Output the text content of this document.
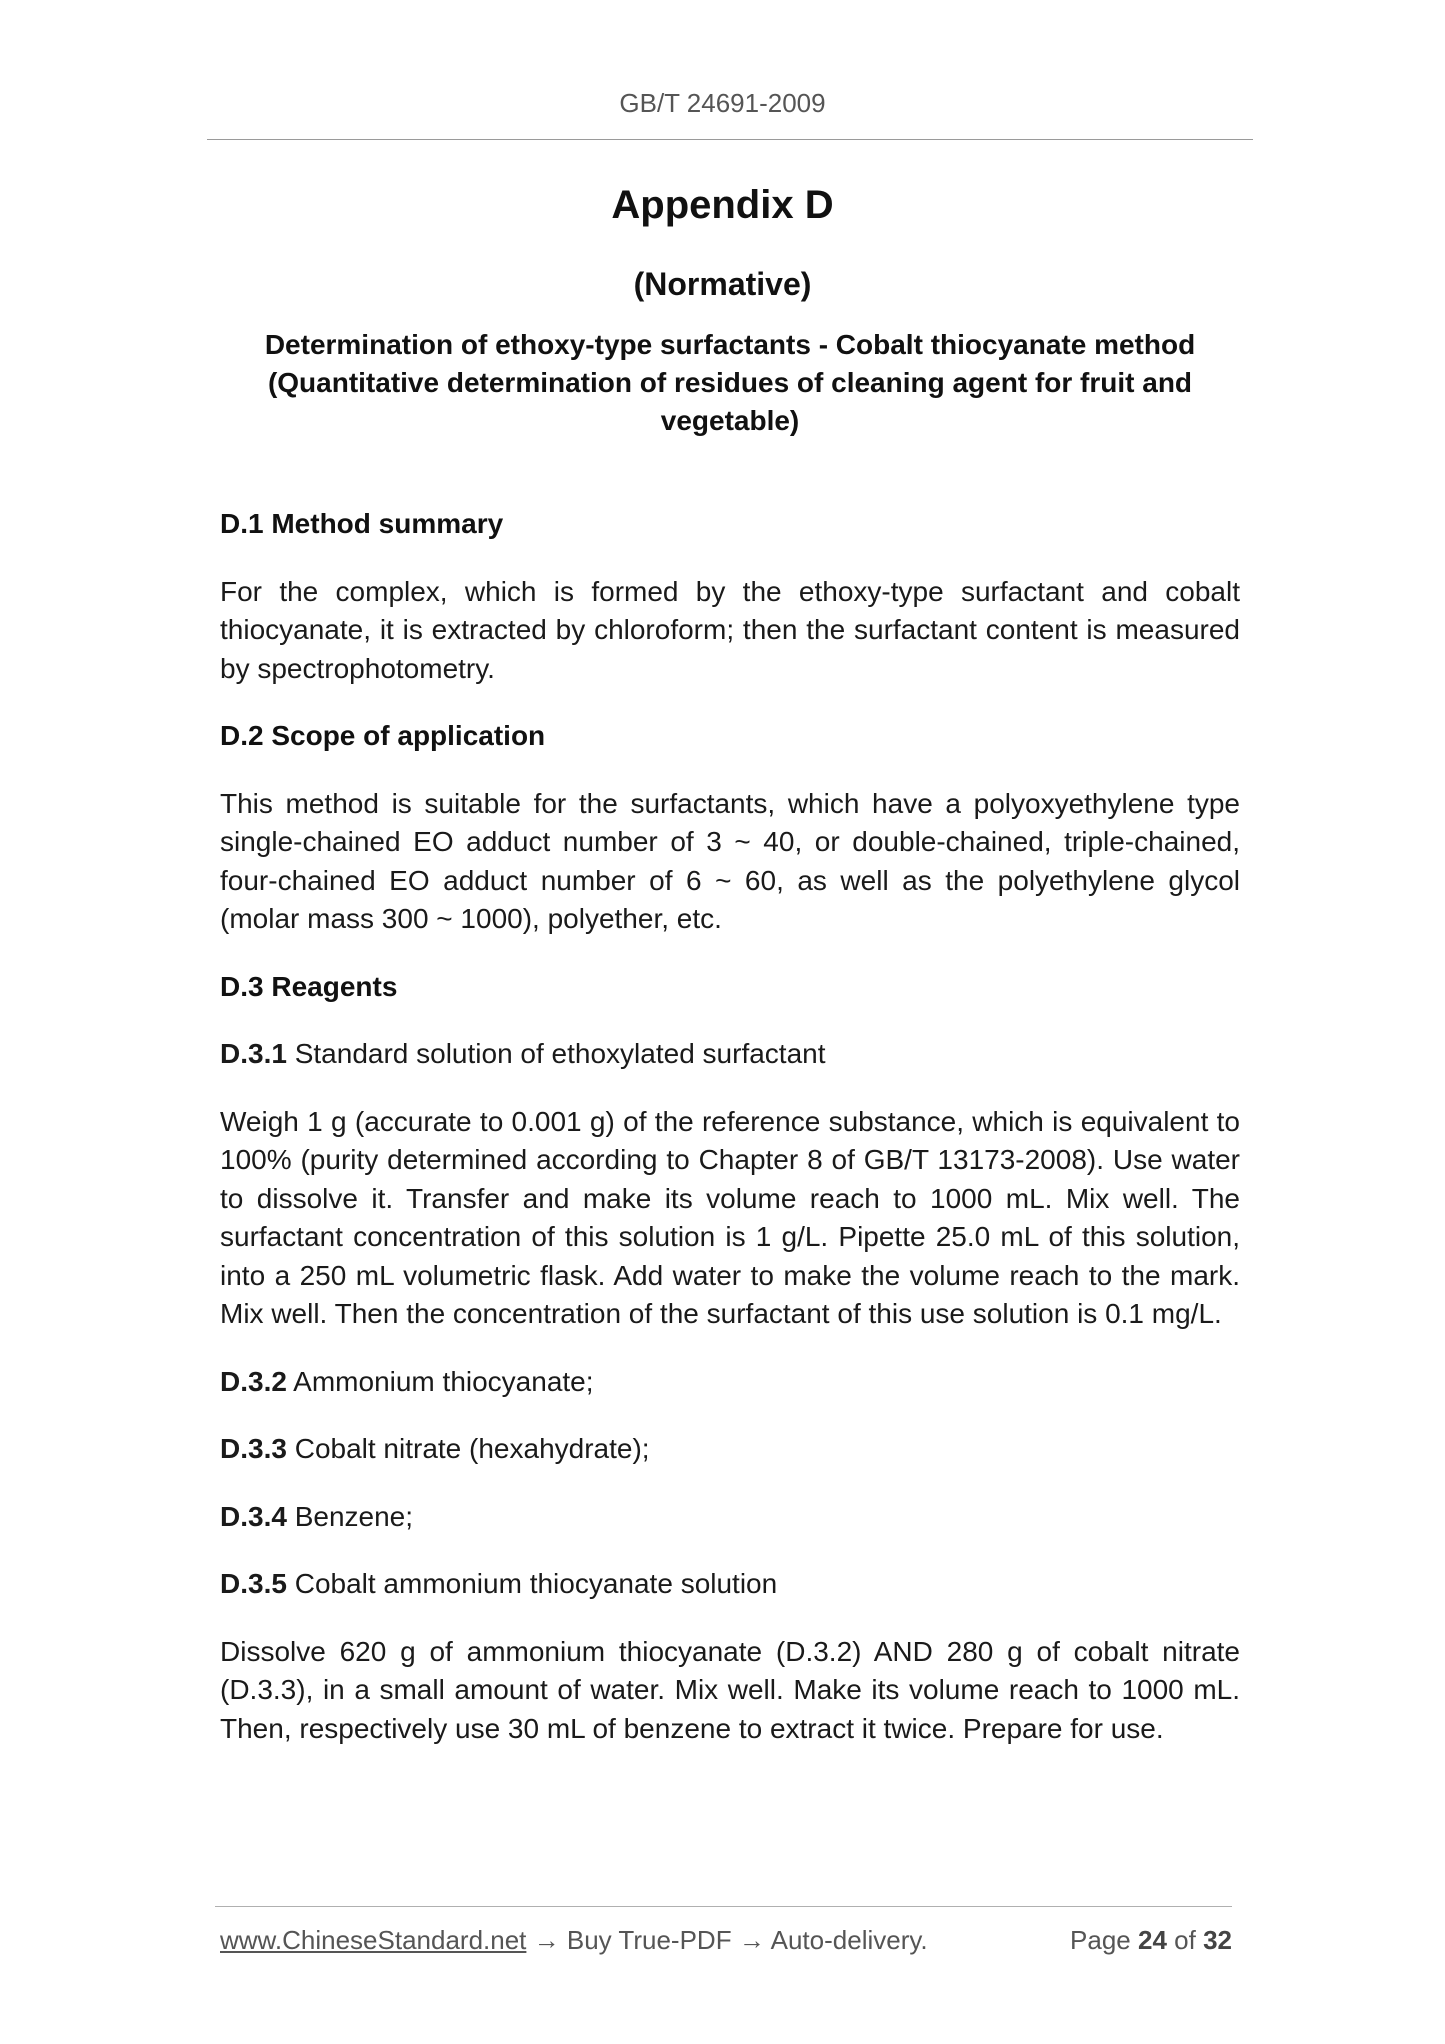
GB/T 24691-2009
Appendix D
(Normative)
Determination of ethoxy-type surfactants - Cobalt thiocyanate method
(Quantitative determination of residues of cleaning agent for fruit and
vegetable)
D.1 Method summary

For the complex, which is formed by the ethoxy-type surfactant and cobalt thiocyanate, it is extracted by chloroform; then the surfactant content is measured by spectrophotometry.

D.2 Scope of application

This method is suitable for the surfactants, which have a polyoxyethylene type single-chained EO adduct number of 3 ~ 40, or double-chained, triple-chained, four-chained EO adduct number of 6 ~ 60, as well as the polyethylene glycol (molar mass 300 ~ 1000), polyether, etc.

D.3 Reagents

D.3.1 Standard solution of ethoxylated surfactant

Weigh 1 g (accurate to 0.001 g) of the reference substance, which is equivalent to 100% (purity determined according to Chapter 8 of GB/T 13173-2008). Use water to dissolve it. Transfer and make its volume reach to 1000 mL. Mix well. The surfactant concentration of this solution is 1 g/L. Pipette 25.0 mL of this solution, into a 250 mL volumetric flask. Add water to make the volume reach to the mark. Mix well. Then the concentration of the surfactant of this use solution is 0.1 mg/L.

D.3.2 Ammonium thiocyanate;

D.3.3 Cobalt nitrate (hexahydrate);

D.3.4 Benzene;

D.3.5 Cobalt ammonium thiocyanate solution

Dissolve 620 g of ammonium thiocyanate (D.3.2) AND 280 g of cobalt nitrate (D.3.3), in a small amount of water. Mix well. Make its volume reach to 1000 mL. Then, respectively use 30 mL of benzene to extract it twice. Prepare for use.

www.ChineseStandard.net → Buy True-PDF → Auto-delivery.	Page 24 of 32
